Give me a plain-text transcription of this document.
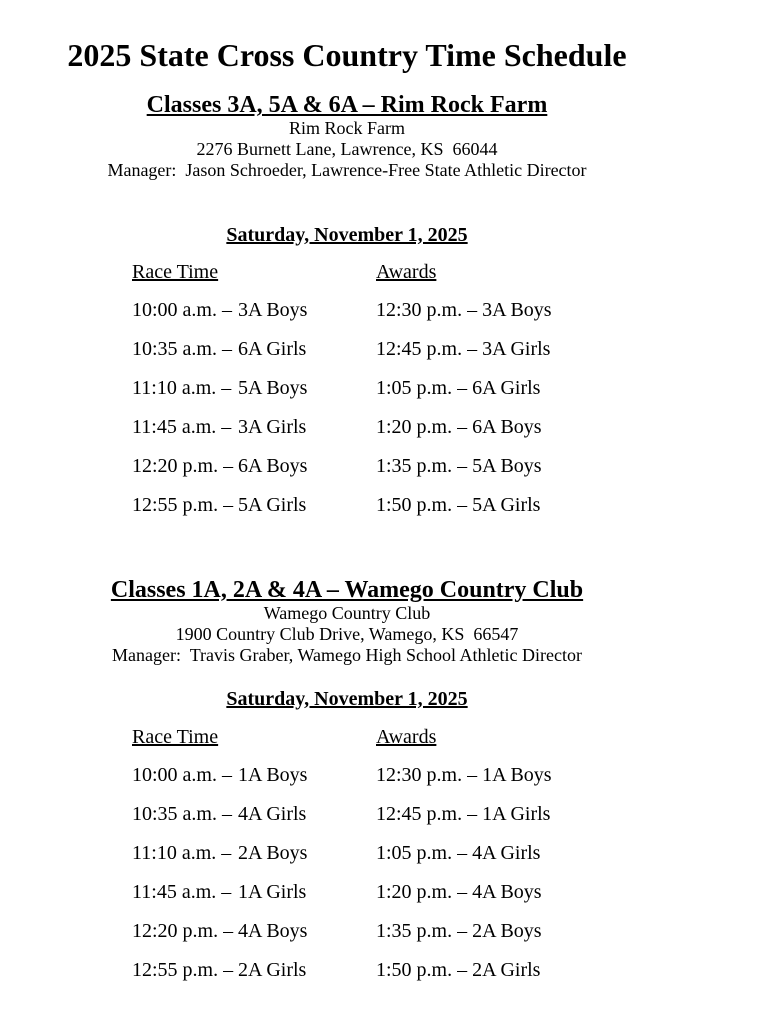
2025 State Cross Country Time Schedule
Classes 3A, 5A & 6A – Rim Rock Farm
Rim Rock Farm
2276 Burnett Lane, Lawrence, KS  66044
Manager:  Jason Schroeder, Lawrence-Free State Athletic Director
Saturday, November 1, 2025
Race Time	Awards
10:00 a.m. – 3A Boys	12:30 p.m. – 3A Boys
10:35 a.m. – 6A Girls	12:45 p.m. – 3A Girls
11:10 a.m. – 5A Boys	1:05 p.m. – 6A Girls
11:45 a.m. – 3A Girls	1:20 p.m. – 6A Boys
12:20 p.m. – 6A Boys	1:35 p.m. – 5A Boys
12:55 p.m. – 5A Girls	1:50 p.m. – 5A Girls
Classes 1A, 2A & 4A – Wamego Country Club
Wamego Country Club
1900 Country Club Drive, Wamego, KS  66547
Manager:  Travis Graber, Wamego High School Athletic Director
Saturday, November 1, 2025
Race Time	Awards
10:00 a.m. – 1A Boys	12:30 p.m. – 1A Boys
10:35 a.m. – 4A Girls	12:45 p.m. – 1A Girls
11:10 a.m. – 2A Boys	1:05 p.m. – 4A Girls
11:45 a.m. – 1A Girls	1:20 p.m. – 4A Boys
12:20 p.m. – 4A Boys	1:35 p.m. – 2A Boys
12:55 p.m. – 2A Girls	1:50 p.m. – 2A Girls
